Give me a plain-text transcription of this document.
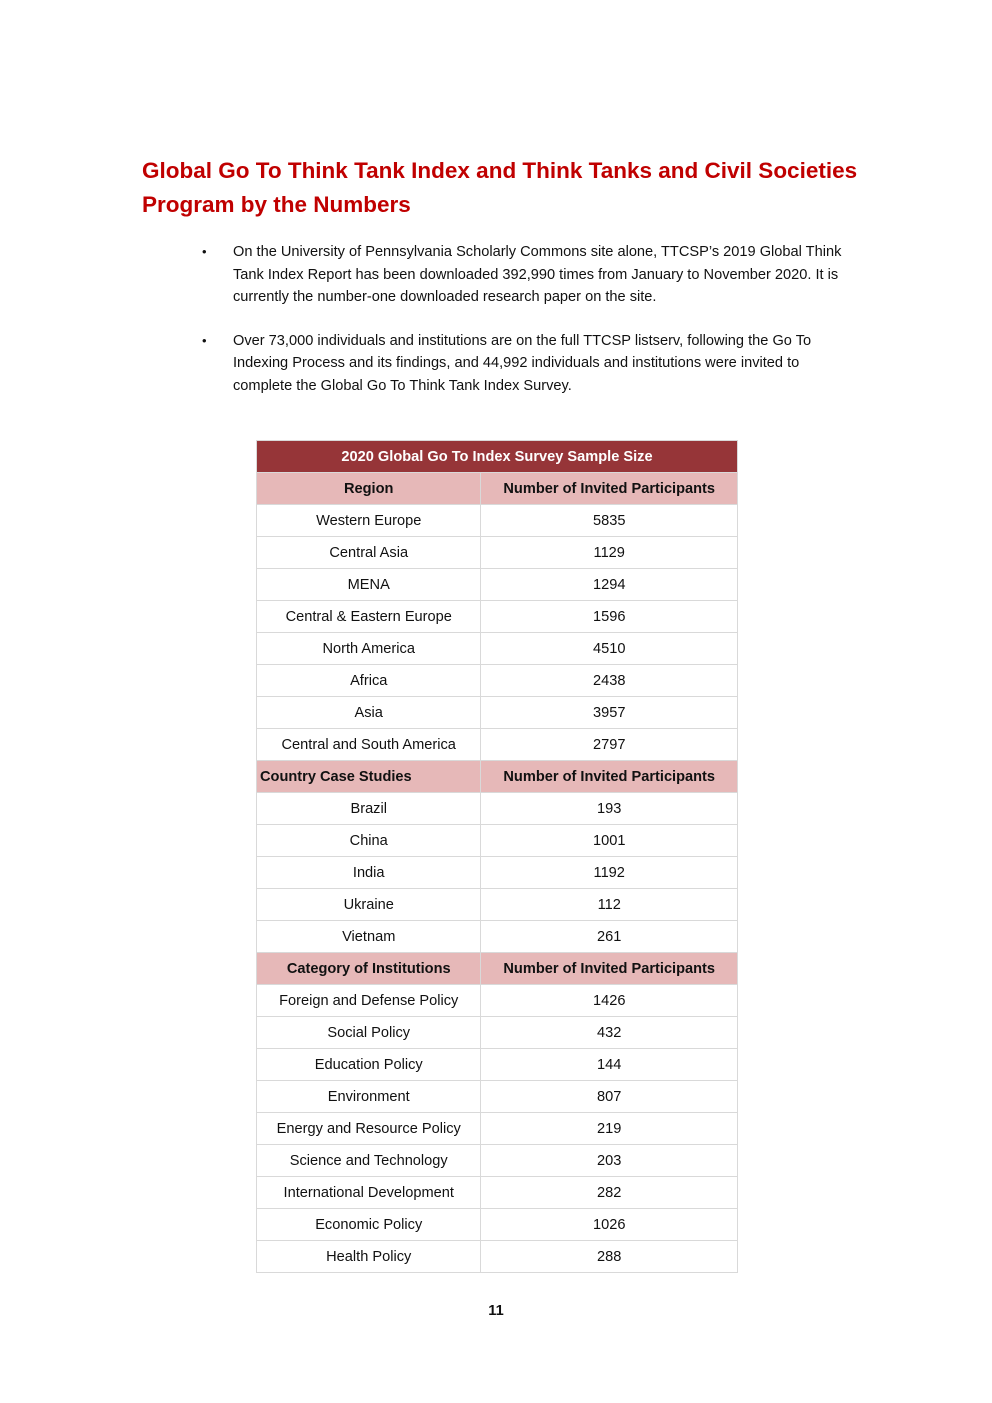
Global Go To Think Tank Index and Think Tanks and Civil Societies Program by the Numbers
• On the University of Pennsylvania Scholarly Commons site alone, TTCSP’s 2019 Global Think Tank Index Report has been downloaded 392,990 times from January to November 2020. It is currently the number-one downloaded research paper on the site.
• Over 73,000 individuals and institutions are on the full TTCSP listserv, following the Go To Indexing Process and its findings, and 44,992 individuals and institutions were invited to complete the Global Go To Think Tank Index Survey.
2020 Global Go To Index Survey Sample Size	
Region	Number of Invited Participants
Western Europe	5835
Central Asia	1129
MENA	1294
Central & Eastern Europe	1596
North America	4510
Africa	2438
Asia	3957
Central and South America	2797
Country Case Studies	Number of Invited Participants
Brazil	193
China	1001
India	1192
Ukraine	112
Vietnam	261
Category of Institutions	Number of Invited Participants
Foreign and Defense Policy	1426
Social Policy	432
Education Policy	144
Environment	807
Energy and Resource Policy	219
Science and Technology	203
International Development	282
Economic Policy	1026
Health Policy	288
11
